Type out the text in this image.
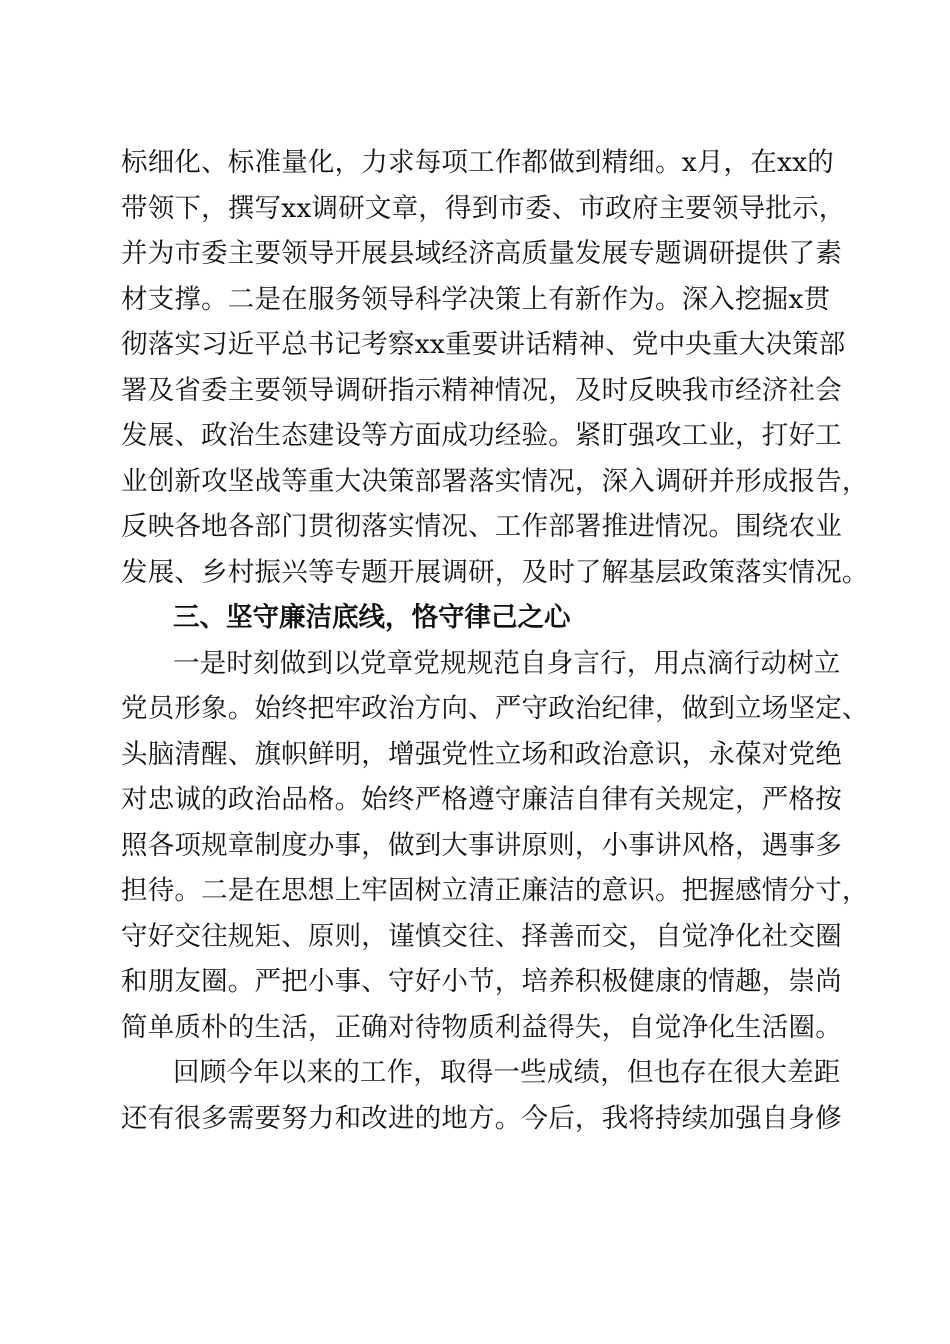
标细化、标准量化，力求每项工作都做到精细。x月，在xx的
带领下，撰写xx调研文章，得到市委、市政府主要领导批示，
并为市委主要领导开展县域经济高质量发展专题调研提供了素
材支撑。二是在服务领导科学决策上有新作为。深入挖掘x贯
彻落实习近平总书记考察xx重要讲话精神、党中央重大决策部
署及省委主要领导调研指示精神情况，及时反映我市经济社会
发展、政治生态建设等方面成功经验。紧盯强攻工业，打好工
业创新攻坚战等重大决策部署落实情况，深入调研并形成报告，
反映各地各部门贯彻落实情况、工作部署推进情况。围绕农业
发展、乡村振兴等专题开展调研，及时了解基层政策落实情况。
三、坚守廉洁底线，恪守律己之心
一是时刻做到以党章党规规范自身言行，用点滴行动树立
党员形象。始终把牢政治方向、严守政治纪律，做到立场坚定、
头脑清醒、旗帜鲜明，增强党性立场和政治意识，永葆对党绝
对忠诚的政治品格。始终严格遵守廉洁自律有关规定，严格按
照各项规章制度办事，做到大事讲原则，小事讲风格，遇事多
担待。二是在思想上牢固树立清正廉洁的意识。把握感情分寸，
守好交往规矩、原则，谨慎交往、择善而交，自觉净化社交圈
和朋友圈。严把小事、守好小节，培养积极健康的情趣，崇尚
简单质朴的生活，正确对待物质利益得失，自觉净化生活圈。
回顾今年以来的工作，取得一些成绩，但也存在很大差距
还有很多需要努力和改进的地方。今后，我将持续加强自身修
